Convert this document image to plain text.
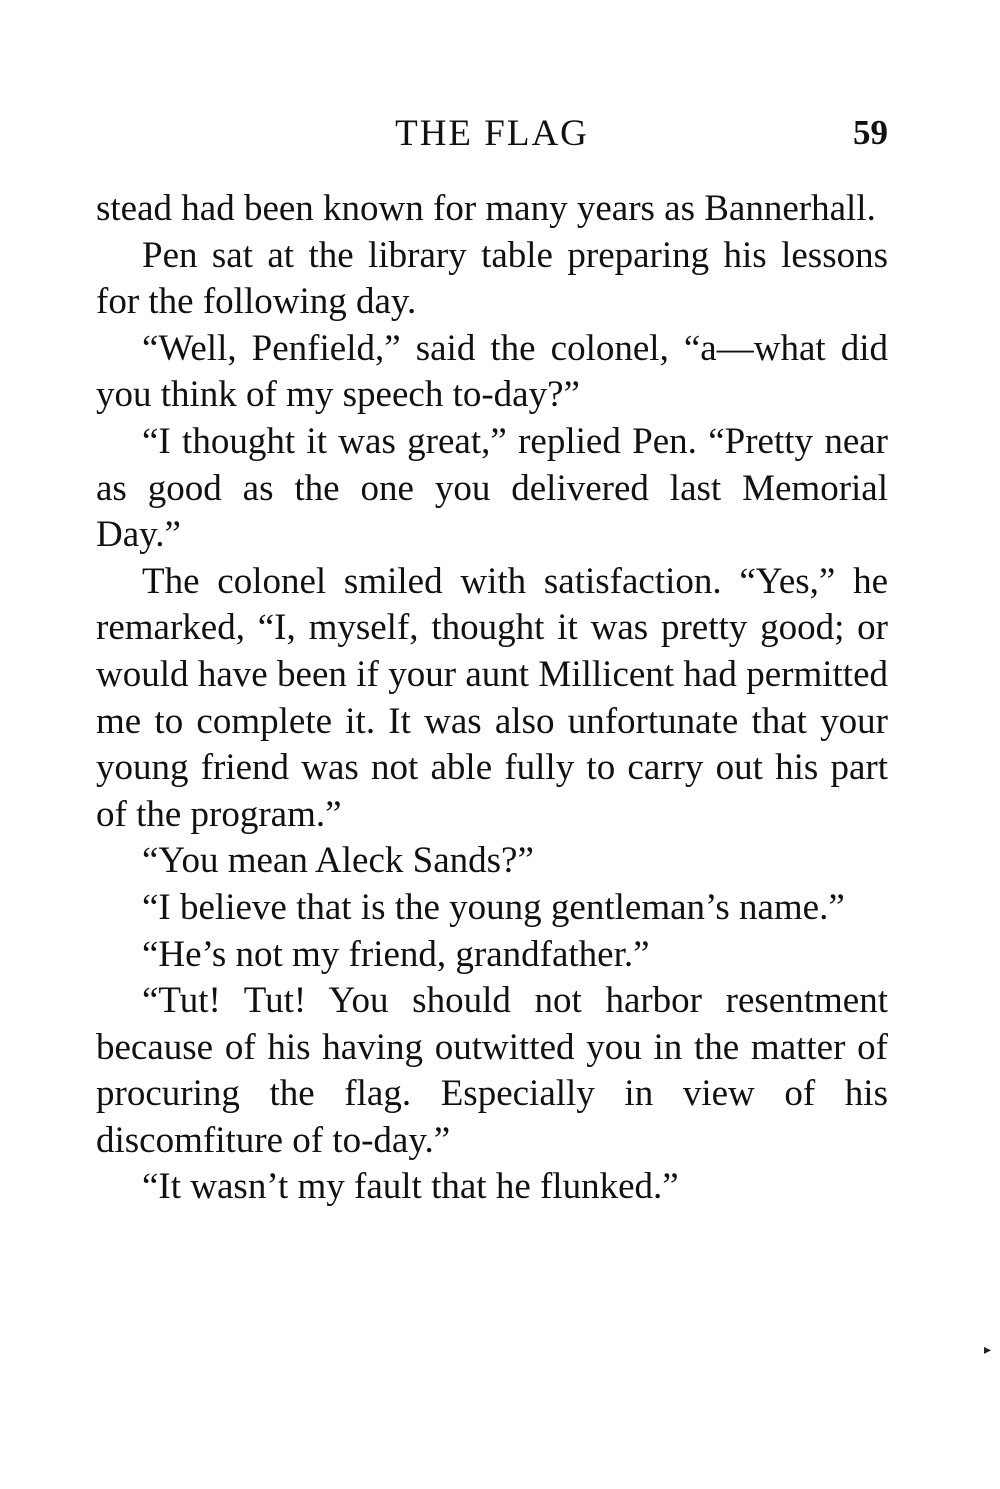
THE FLAG	59

stead had been known for many years as Bannerhall.

Pen sat at the library table preparing his lessons for the following day.

“Well, Penfield,” said the colonel, “a—what did you think of my speech to-day?”

“I thought it was great,” replied Pen. “Pretty near as good as the one you delivered last Memorial Day.”

The colonel smiled with satisfaction. “Yes,” he remarked, “I, myself, thought it was pretty good; or would have been if your aunt Millicent had permitted me to complete it. It was also unfortunate that your young friend was not able fully to carry out his part of the program.”

“You mean Aleck Sands?”

“I believe that is the young gentleman’s name.”

“He’s not my friend, grandfather.”

“Tut! Tut! You should not harbor resentment because of his having outwitted you in the matter of procuring the flag. Especially in view of his discomfiture of to-day.”

“It wasn’t my fault that he flunked.”

▸
